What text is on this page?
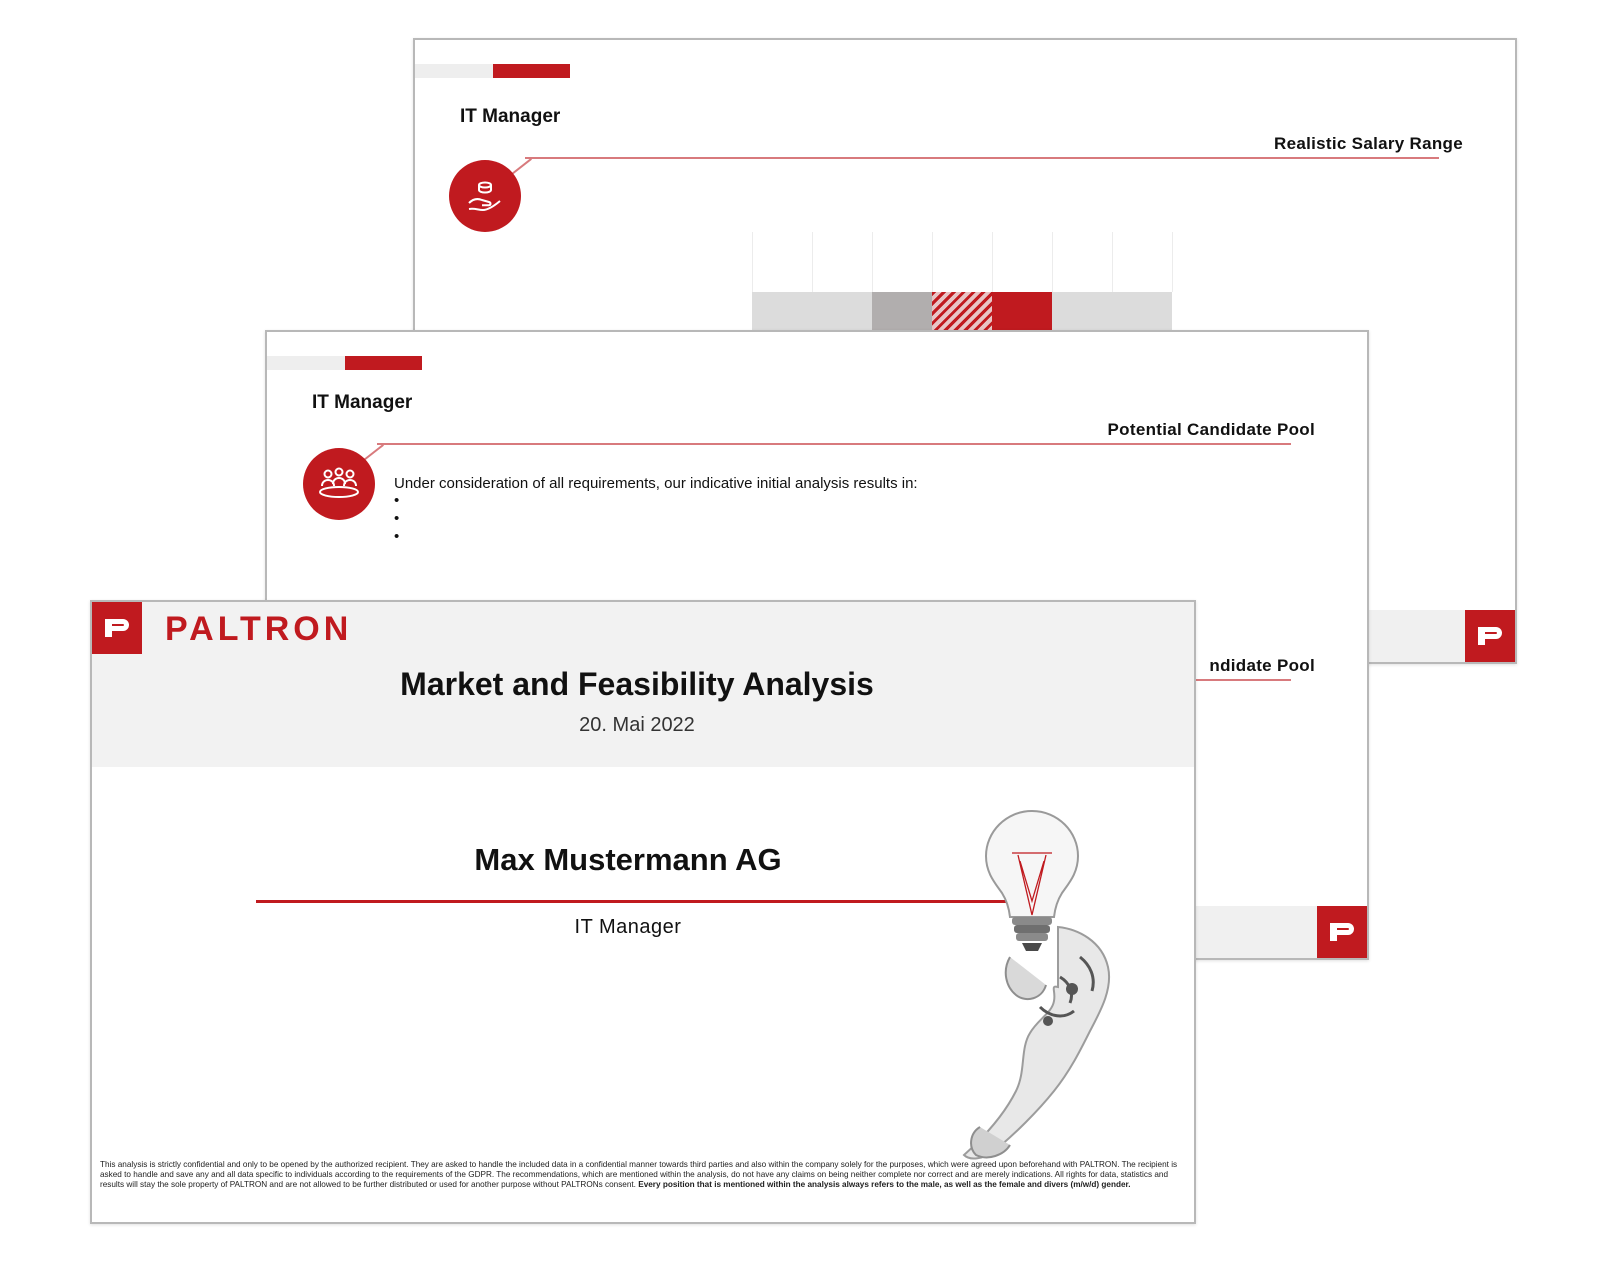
IT Manager
Realistic Salary Range
IT Manager
Potential Candidate Pool
Under consideration of all requirements, our indicative initial analysis results in:
•
•
•
ndidate Pool
PALTRON
Market and Feasibility Analysis
20. Mai 2022
Max Mustermann AG
IT Manager
This analysis is strictly confidential and only to be opened by the authorized recipient. They are asked to handle the included data in a confidential manner towards third parties and also within the company solely for the purposes, which were agreed upon beforehand with PALTRON. The recipient is asked to handle and save any and all data specific to individuals according to the requirements of the GDPR. The recommendations, which are mentioned within the analysis, do not have any claims on being neither complete nor correct and are merely indications. All rights for data, statistics and results will stay the sole property of PALTRON and are not allowed to be further distributed or used for another purpose without PALTRONs consent. Every position that is mentioned within the analysis always refers to the male, as well as the female and divers (m/w/d) gender.
